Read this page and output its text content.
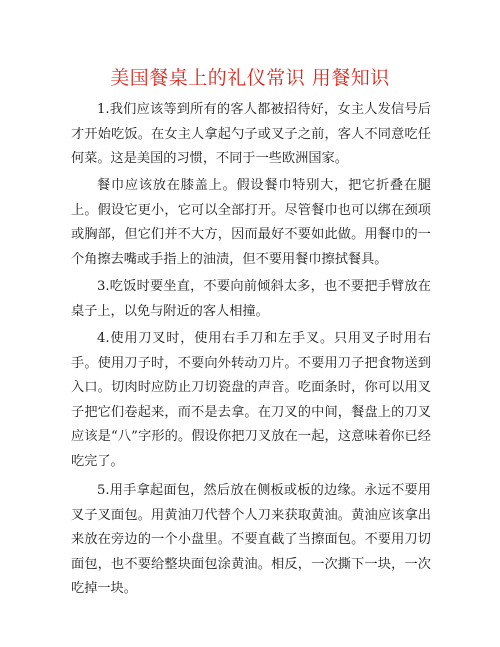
美国餐桌上的礼仪常识 用餐知识

1.我们应该等到所有的客人都被招待好，女主人发信号后才开始吃饭。在女主人拿起勺子或叉子之前，客人不同意吃任何菜。这是美国的习惯，不同于一些欧洲国家。

餐巾应该放在膝盖上。假设餐巾特别大，把它折叠在腿上。假设它更小，它可以全部打开。尽管餐巾也可以绑在颈项或胸部，但它们并不大方，因而最好不要如此做。用餐巾的一个角擦去嘴或手指上的油渍，但不要用餐巾擦拭餐具。

3.吃饭时要坐直，不要向前倾斜太多，也不要把手臂放在桌子上，以免与附近的客人相撞。

4.使用刀叉时，使用右手刀和左手叉。只用叉子时用右手。使用刀子时，不要向外转动刀片。不要用刀子把食物送到入口。切肉时应防止刀切瓷盘的声音。吃面条时，你可以用叉子把它们卷起来，而不是去拿。在刀叉的中间，餐盘上的刀叉应该是“八”字形的。假设你把刀叉放在一起，这意味着你已经吃完了。

5.用手拿起面包，然后放在侧板或板的边缘。永远不要用叉子叉面包。用黄油刀代替个人刀来获取黄油。黄油应该拿出来放在旁边的一个小盘里。不要直截了当擦面包。不要用刀切面包，也不要给整块面包涂黄油。相反，一次撕下一块，一次吃掉一块。
